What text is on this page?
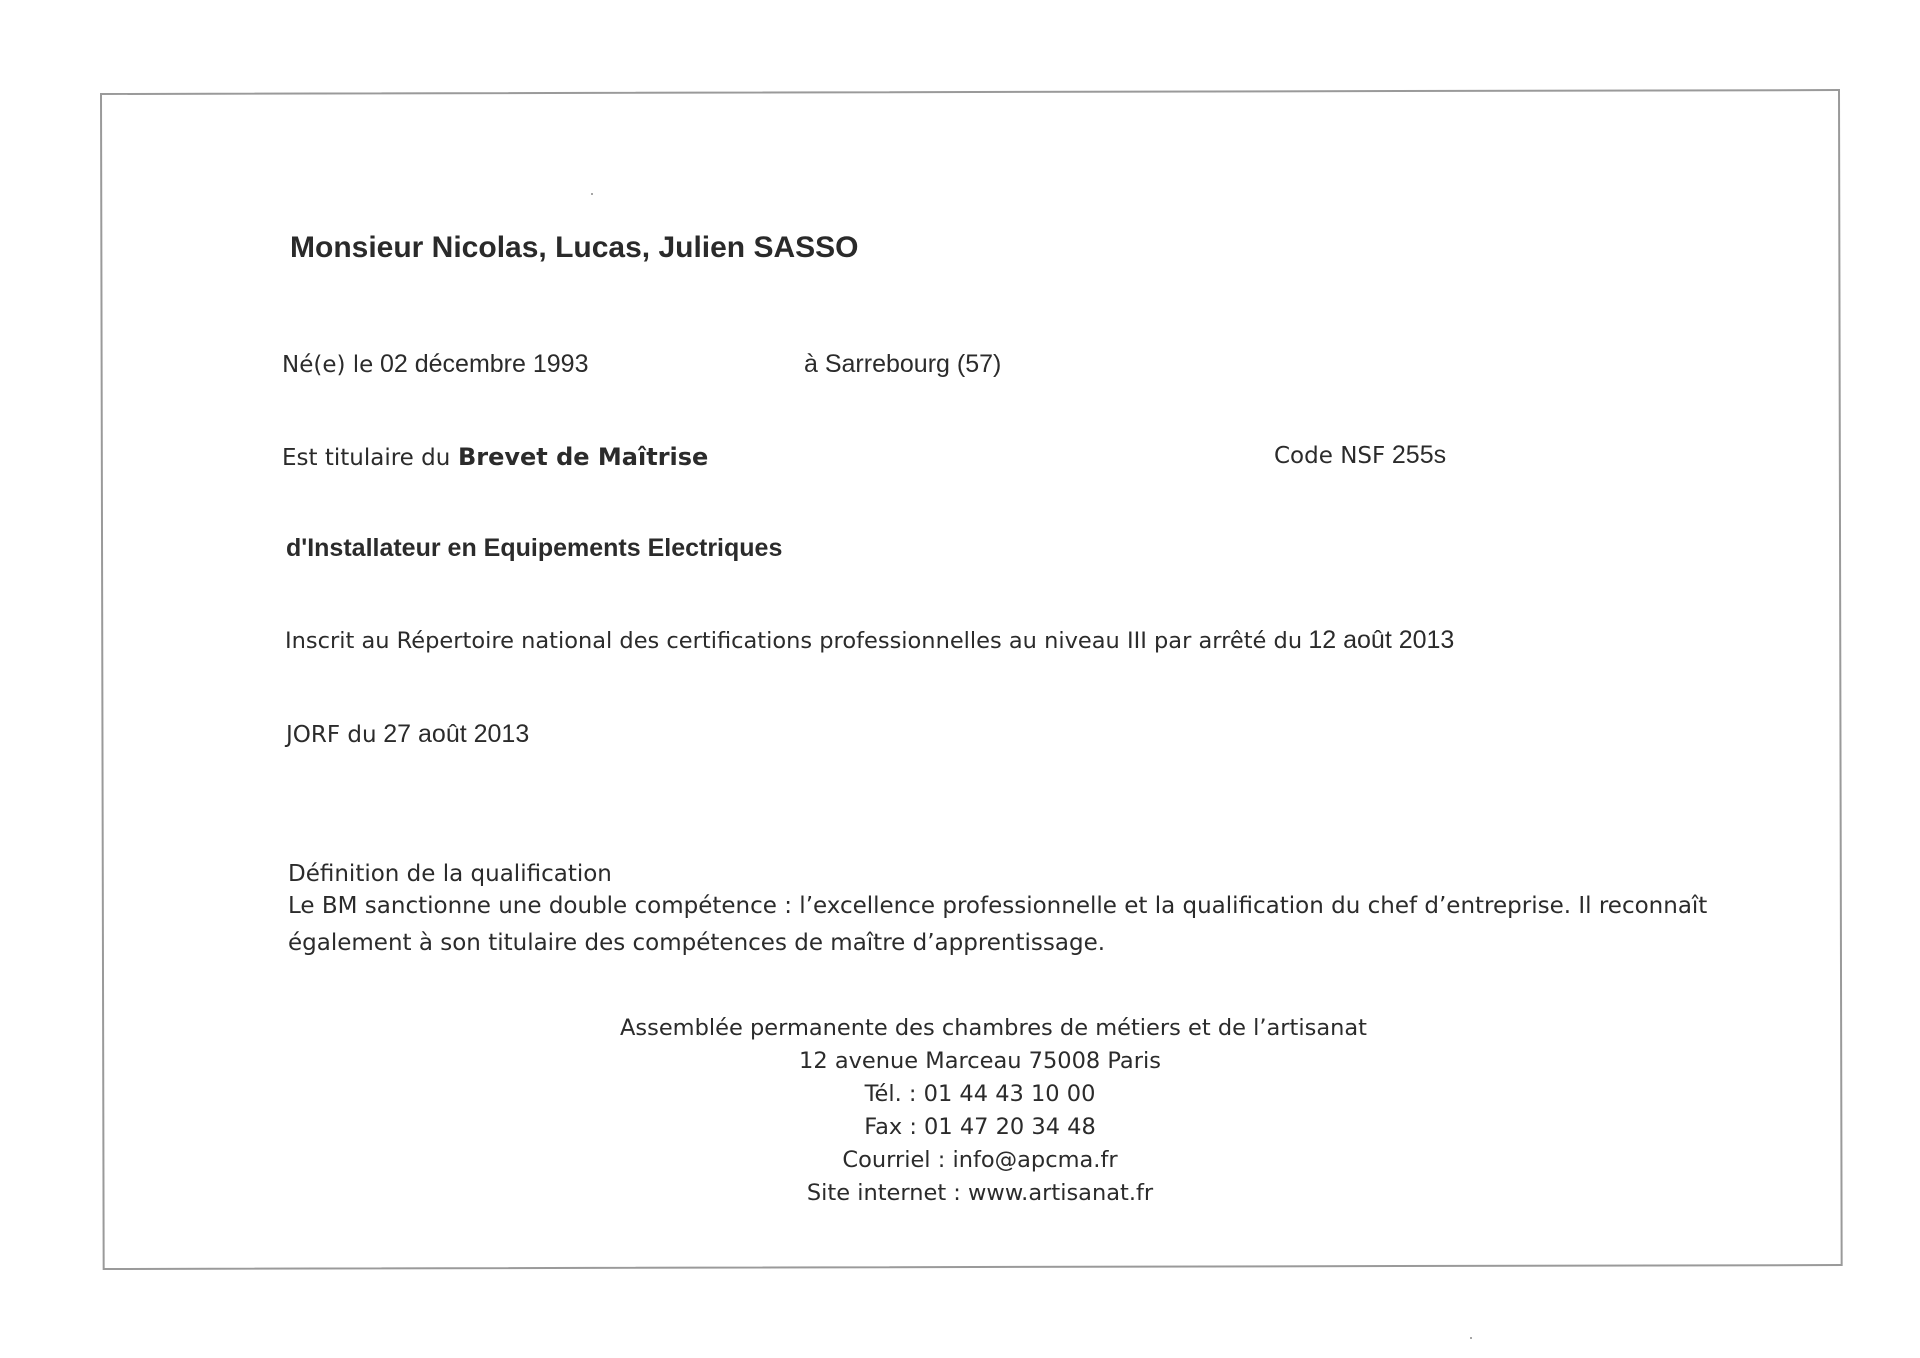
Monsieur Nicolas, Lucas, Julien SASSO

Né(e) le 02 décembre 1993	à Sarrebourg (57)

Est titulaire du Brevet de Maîtrise	Code NSF 255s

d'Installateur en Equipements Electriques

Inscrit au Répertoire national des certifications professionnelles au niveau III par arrêté du 12 août 2013

JORF du 27 août 2013

Définition de la qualification

Le BM sanctionne une double compétence : l’excellence professionnelle et la qualification du chef d’entreprise. Il reconnaît
également à son titulaire des compétences de maître d’apprentissage.
Assemblée permanente des chambres de métiers et de l’artisanat
12 avenue Marceau 75008 Paris
Tél. : 01 44 43 10 00
Fax : 01 47 20 34 48
Courriel : info@apcma.fr
Site internet : www.artisanat.fr
